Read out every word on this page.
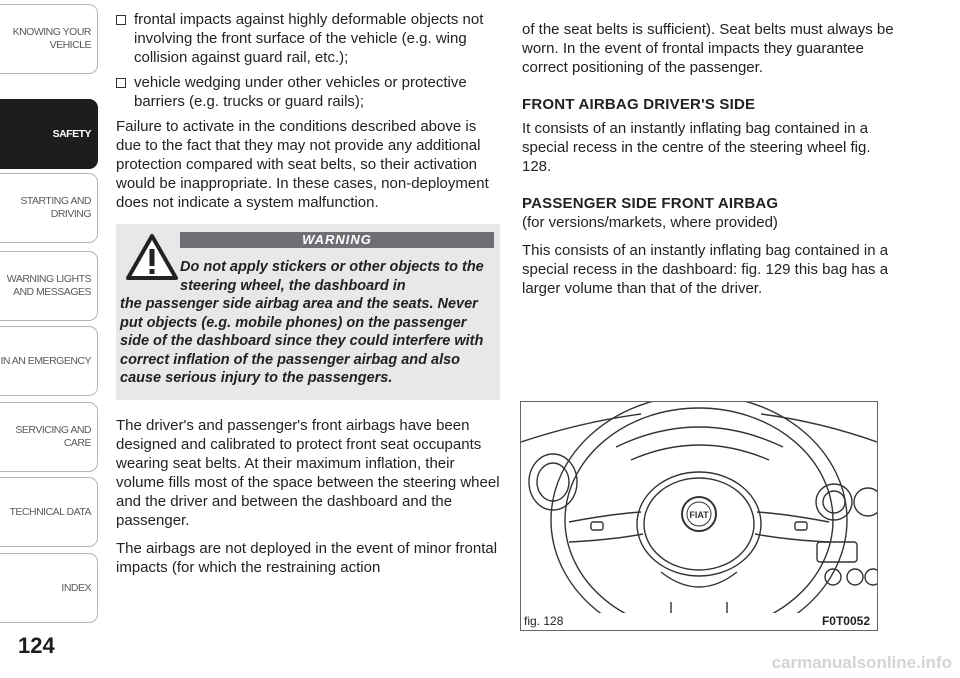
KNOWING YOUR
VEHICLE
SAFETY
STARTING AND
DRIVING
WARNING LIGHTS
AND MESSAGES
IN AN EMERGENCY
SERVICING AND
CARE
TECHNICAL DATA
INDEX
124
frontal impacts against highly deformable objects not involving the front surface of the vehicle (e.g. wing collision against guard rail, etc.);
vehicle wedging under other vehicles or protective barriers (e.g. trucks or guard rails);

Failure to activate in the conditions described above is due to the fact that they may not provide any additional protection compared with seat belts, so their activation would be inappropriate. In these cases, non-deployment does not indicate a system malfunction.

WARNING
Do not apply stickers or other objects to the steering wheel, the dashboard in
the passenger side airbag area and the seats. Never put objects (e.g. mobile phones) on the passenger side of the dashboard since they could interfere with correct inflation of the passenger airbag and also cause serious injury to the passengers.

The driver's and passenger's front airbags have been designed and calibrated to protect front seat occupants wearing seat belts. At their maximum inflation, their volume fills most of the space between the steering wheel and the driver and between the dashboard and the passenger.

The airbags are not deployed in the event of minor frontal impacts (for which the restraining action

of the seat belts is sufficient). Seat belts must always be worn. In the event of frontal impacts they guarantee correct positioning of the passenger.

FRONT AIRBAG DRIVER'S SIDE

It consists of an instantly inflating bag contained in a special recess in the centre of the steering wheel fig. 128.

PASSENGER SIDE FRONT AIRBAG

(for versions/markets, where provided)

This consists of an instantly inflating bag contained in a special recess in the dashboard: fig. 129 this bag has a larger volume than that of the driver.

FIAT
fig. 128	F0T0052
carmanualsonline.info
